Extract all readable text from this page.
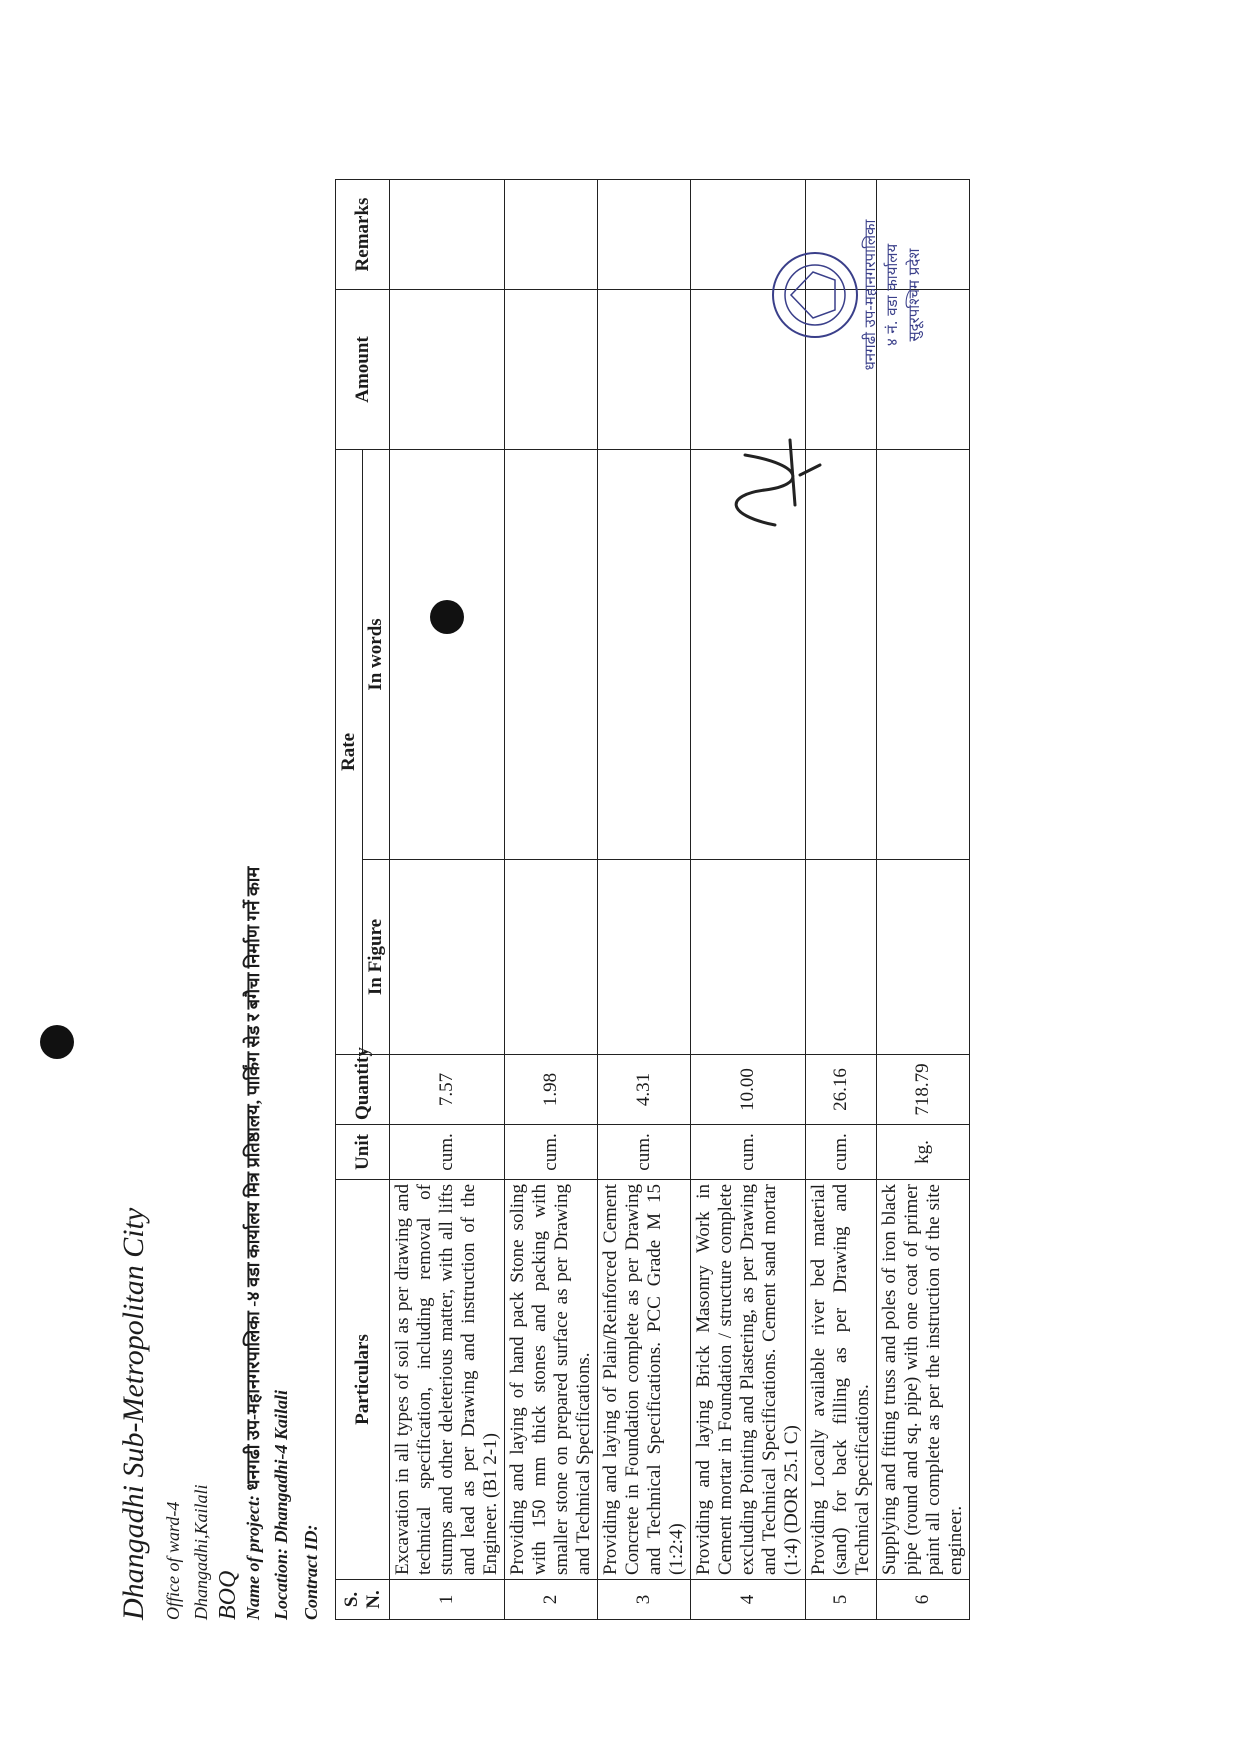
Dhangadhi Sub-Metropolitan City Office of ward-4 Dhangadhi,Kailali BOQ Name of project: धनगढी उप-महानगरपालिका -४ वडा कार्यालय मित्र प्रतिष्ठालय, पार्किंग सेड र बगैचा निर्माण गर्ने काम
Location: Dhangadhi-4 Kailali
Contract ID: S. N.	Particulars	Unit	Quantity	Rate		Amount	Remarks
				In Figure	In words		
1	Excavation in all types of soil as per drawing and technical specification, including removal of stumps and other deleterious matter, with all lifts and lead as per Drawing and instruction of the Engineer. (B1 2-1)	cum.	7.57				
2	Providing and laying of hand pack Stone soling with 150 mm thick stones and packing with smaller stone on prepared surface as per Drawing and Technical Specifications.	cum.	1.98				
3	Providing and laying of Plain/Reinforced Cement Concrete in Foundation complete as per Drawing and Technical Specifications. PCC Grade M 15 (1:2:4)	cum.	4.31				
4	Providing and laying Brick Masonry Work in Cement mortar in Foundation / structure complete excluding Pointing and Plastering, as per Drawing and Technical Specifications. Cement sand mortar (1:4) (DOR 25.1 C)	cum.	10.00				
5	Providing Locally available river bed material (sand) for back filling as per Drawing and Technical Specifications.	cum.	26.16				
6	Supplying and fitting truss and poles of iron black pipe (round and sq. pipe) with one coat of primer paint all complete as per the instruction of the site engineer.	kg.	718.79				
धनगढी उप-महानगरपालिका ४ नं. वडा कार्यालय सुदूरपश्चिम प्रदेश
